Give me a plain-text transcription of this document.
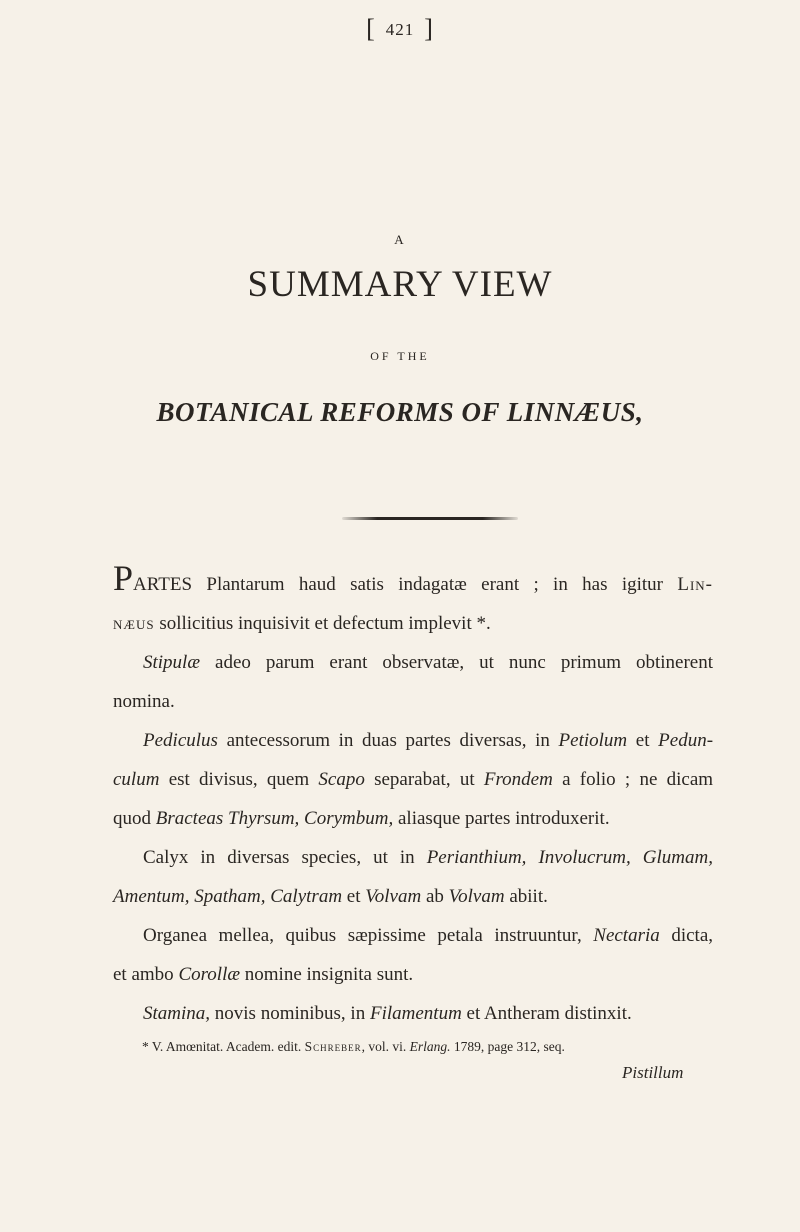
[ 421 ]
A
SUMMARY VIEW
OF THE
BOTANICAL REFORMS OF LINNÆUS,
PARTES Plantarum haud satis indagatæ erant ; in has igitur Lin-
næus sollicitius inquisivit et defectum implevit *.
Stipulæ adeo parum erant observatæ, ut nunc primum obtinerent
nomina.
Pediculus antecessorum in duas partes diversas, in Petiolum et Pedun-
culum est divisus, quem Scapo separabat, ut Frondem a folio ; ne dicam
quod Bracteas Thyrsum, Corymbum, aliasque partes introduxerit.
Calyx in diversas species, ut in Perianthium, Involucrum, Glumam,
Amentum, Spatham, Calytram et Volvam ab Volvam abiit.
Organea mellea, quibus sæpissime petala instruuntur, Nectaria dicta,
et ambo Corollæ nomine insignita sunt.
Stamina, novis nominibus, in Filamentum et Antheram distinxit.
* V. Amœnitat. Academ. edit. Schreber, vol. vi. Erlang. 1789, page 312, seq.
Pistillum
